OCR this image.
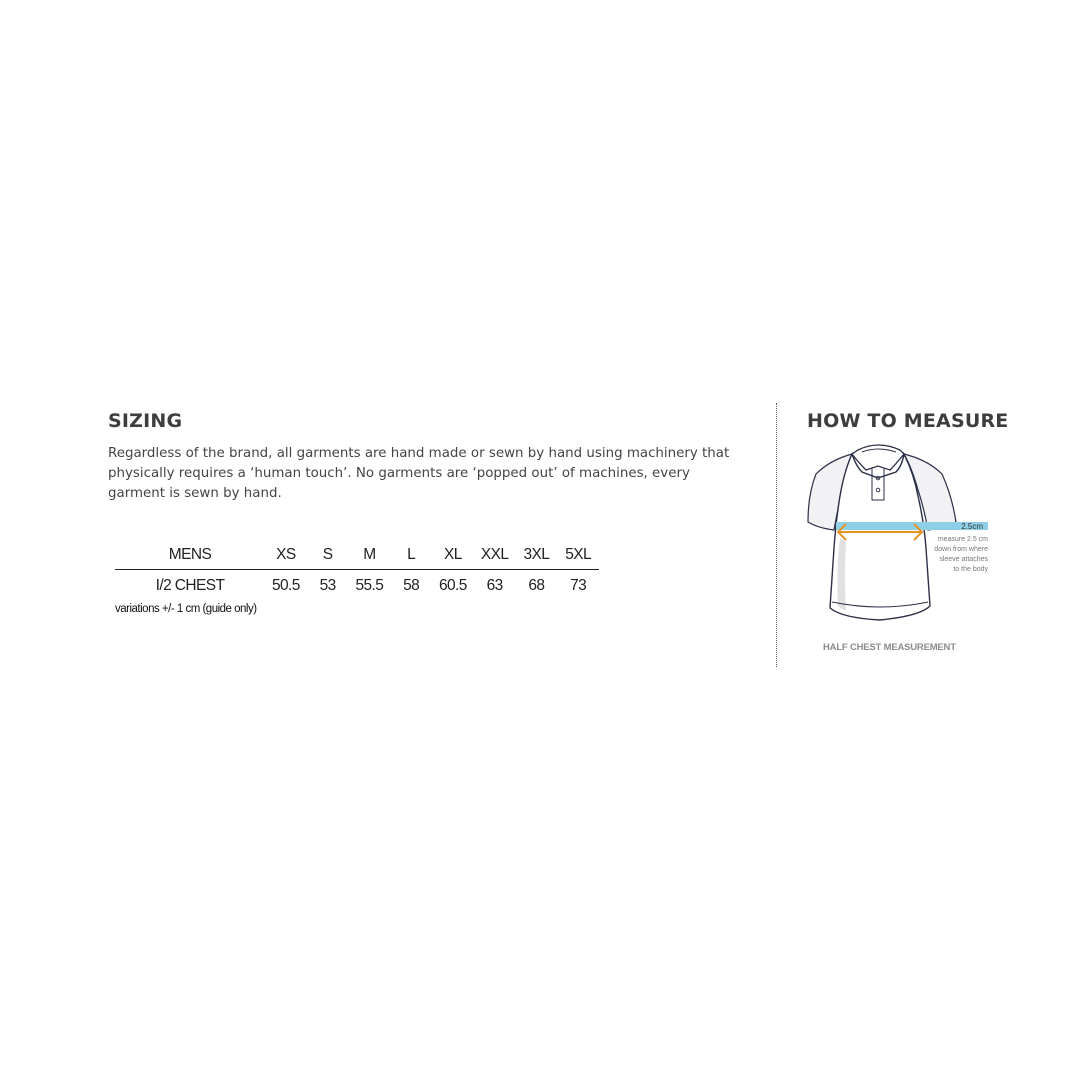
SIZING

Regardless of the brand, all garments are hand made or sewn by hand using machinery that physically requires a ‘human touch’. No garments are ‘popped out’ of machines, every garment is sewn by hand.

MENS	XS	S	M	L	XL	XXL	3XL	5XL
I/2 CHEST	50.5	53	55.5	58	60.5	63	68	73

variations +/- 1 cm (guide only)

HOW TO MEASURE
2.5cm
measure 2.5 cm
down from where
sleeve attaches
to the body

HALF CHEST MEASUREMENT
